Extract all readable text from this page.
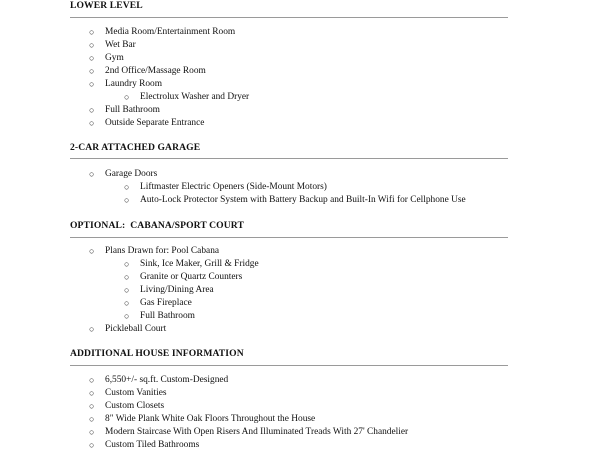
LOWER LEVEL
○ Media Room/Entertainment Room
○ Wet Bar
○ Gym
○ 2nd Office/Massage Room
○ Laundry Room
○ Electrolux Washer and Dryer
○ Full Bathroom
○ Outside Separate Entrance
2-CAR ATTACHED GARAGE
○ Garage Doors
○ Liftmaster Electric Openers (Side-Mount Motors)
○ Auto-Lock Protector System with Battery Backup and Built-In Wifi for Cellphone Use
OPTIONAL:  CABANA/SPORT COURT
○ Plans Drawn for: Pool Cabana
○ Sink, Ice Maker, Grill & Fridge
○ Granite or Quartz Counters
○ Living/Dining Area
○ Gas Fireplace
○ Full Bathroom
○ Pickleball Court
ADDITIONAL HOUSE INFORMATION
○ 6,550+/- sq.ft. Custom-Designed
○ Custom Vanities
○ Custom Closets
○ 8" Wide Plank White Oak Floors Throughout the House
○ Modern Staircase With Open Risers And Illuminated Treads With 27' Chandelier
○ Custom Tiled Bathrooms
